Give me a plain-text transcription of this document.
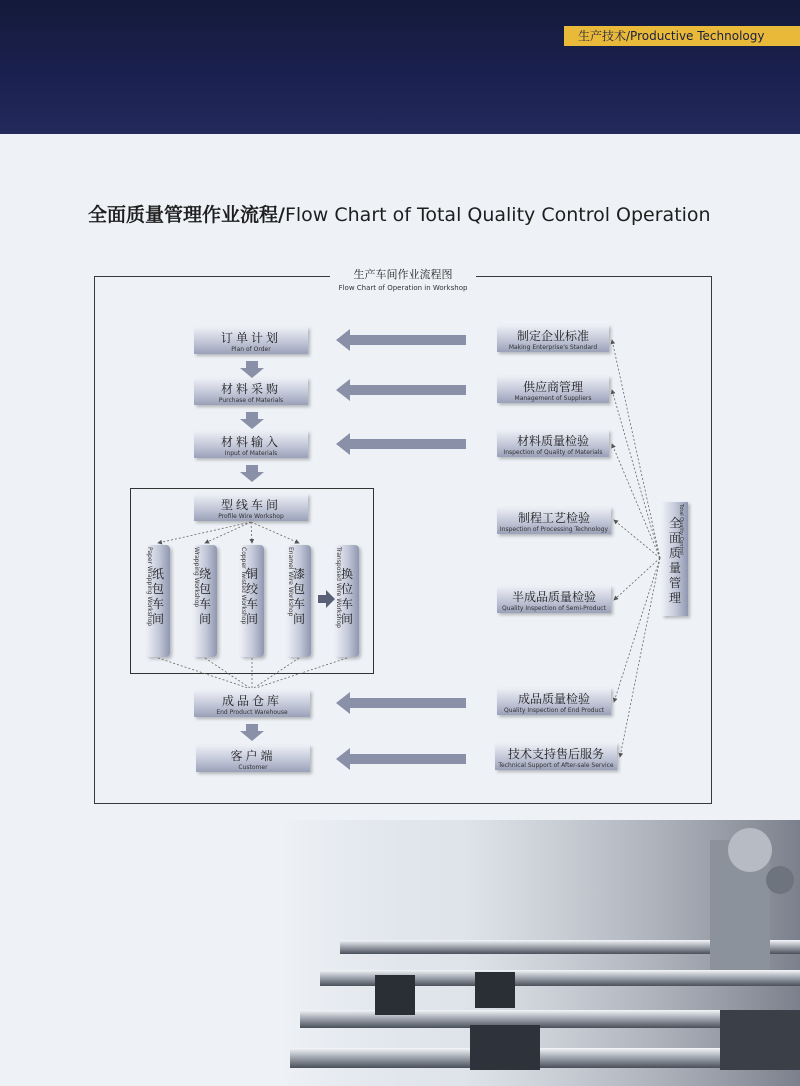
生产技术/Productive Technology
全面质量管理作业流程/Flow Chart of Total Quality Control Operation
生产车间作业流程图
Flow Chart of Operation in Workshop
订单计划
Plan of Order
材料采购
Purchase of Materials
材料输入
Input of Materials
型线车间
Profile Wire Workshop
成品仓库
End Product Warehouse
客户端
Customer
Paper Wrapping Workshop 纸包车间
Wrapping Workshop 绕包车间	Copper Twisted Workshop 铜绞车间
Enamel Wire Workshop 漆包车间	Transposed Wire Workshop 换位车间
制定企业标准
Making Enterprise's Standard
供应商管理
Management of Suppliers
材料质量检验
Inspection of Quality of Materials
制程工艺检验
Inspection of Processing Technology
半成品质量检验
Quality Inspection of Semi-Product
成品质量检验
Quality Inspection of End Product
技术支持售后服务
Technical Support of After-sale Service
Total Quality Control
全面质量管理
